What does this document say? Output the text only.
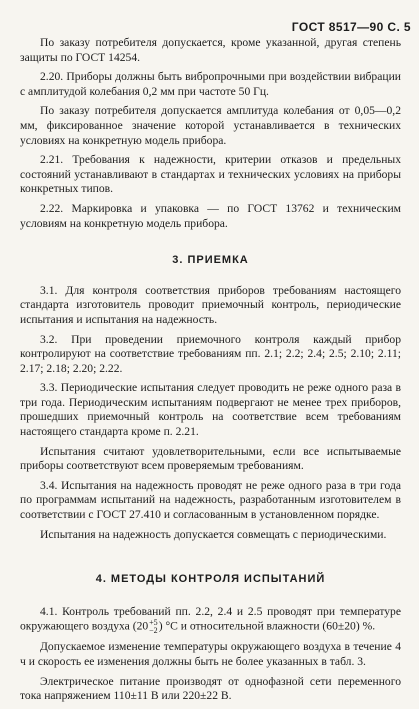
ГОСТ 8517—90 С. 5

По заказу потребителя допускается, кроме указанной, другая степень защиты по ГОСТ 14254.

2.20. Приборы должны быть вибропрочными при воздействии вибрации с амплитудой колебания 0,2 мм при частоте 50 Гц.

По заказу потребителя допускается амплитуда колебания от 0,05—0,2 мм, фиксированное значение которой устанавливается в технических условиях на конкретную модель прибора.

2.21. Требования к надежности, критерии отказов и предельных состояний устанавливают в стандартах и технических условиях на приборы конкретных типов.

2.22. Маркировка и упаковка — по ГОСТ 13762 и техническим условиям на конкретную модель прибора.

3. ПРИЕМКА

3.1. Для контроля соответствия приборов требованиям настоящего стандарта изготовитель проводит приемочный контроль, периодические испытания и испытания на надежность.

3.2. При проведении приемочного контроля каждый прибор контролируют на соответствие требованиям пп. 2.1; 2.2; 2.4; 2.5; 2.10; 2.11; 2.17; 2.18; 2.20; 2.22.

3.3. Периодические испытания следует проводить не реже одного раза в три года. Периодическим испытаниям подвергают не менее трех приборов, прошедших приемочный контроль на соответствие всем требованиям настоящего стандарта кроме п. 2.21.

Испытания считают удовлетворительными, если все испытываемые приборы соответствуют всем проверяемым требованиям.

3.4. Испытания на надежность проводят не реже одного раза в три года по программам испытаний на надежность, разработанным изготовителем в соответствии с ГОСТ 27.410 и согласованным в установленном порядке.

Испытания на надежность допускается совмещать с периодическими.

4. МЕТОДЫ КОНТРОЛЯ ИСПЫТАНИЙ

4.1. Контроль требований пп. 2.2, 2.4 и 2.5 проводят при температуре окружающего воздуха (20 +5
−2 ) °C и относительной влажности (60±20) %.

Допускаемое изменение температуры окружающего воздуха в течение 4 ч и скорость ее изменения должны быть не более указанных в табл. 3.

Электрическое питание производят от однофазной сети переменного тока напряжением 110±11 В или 220±22 В.
